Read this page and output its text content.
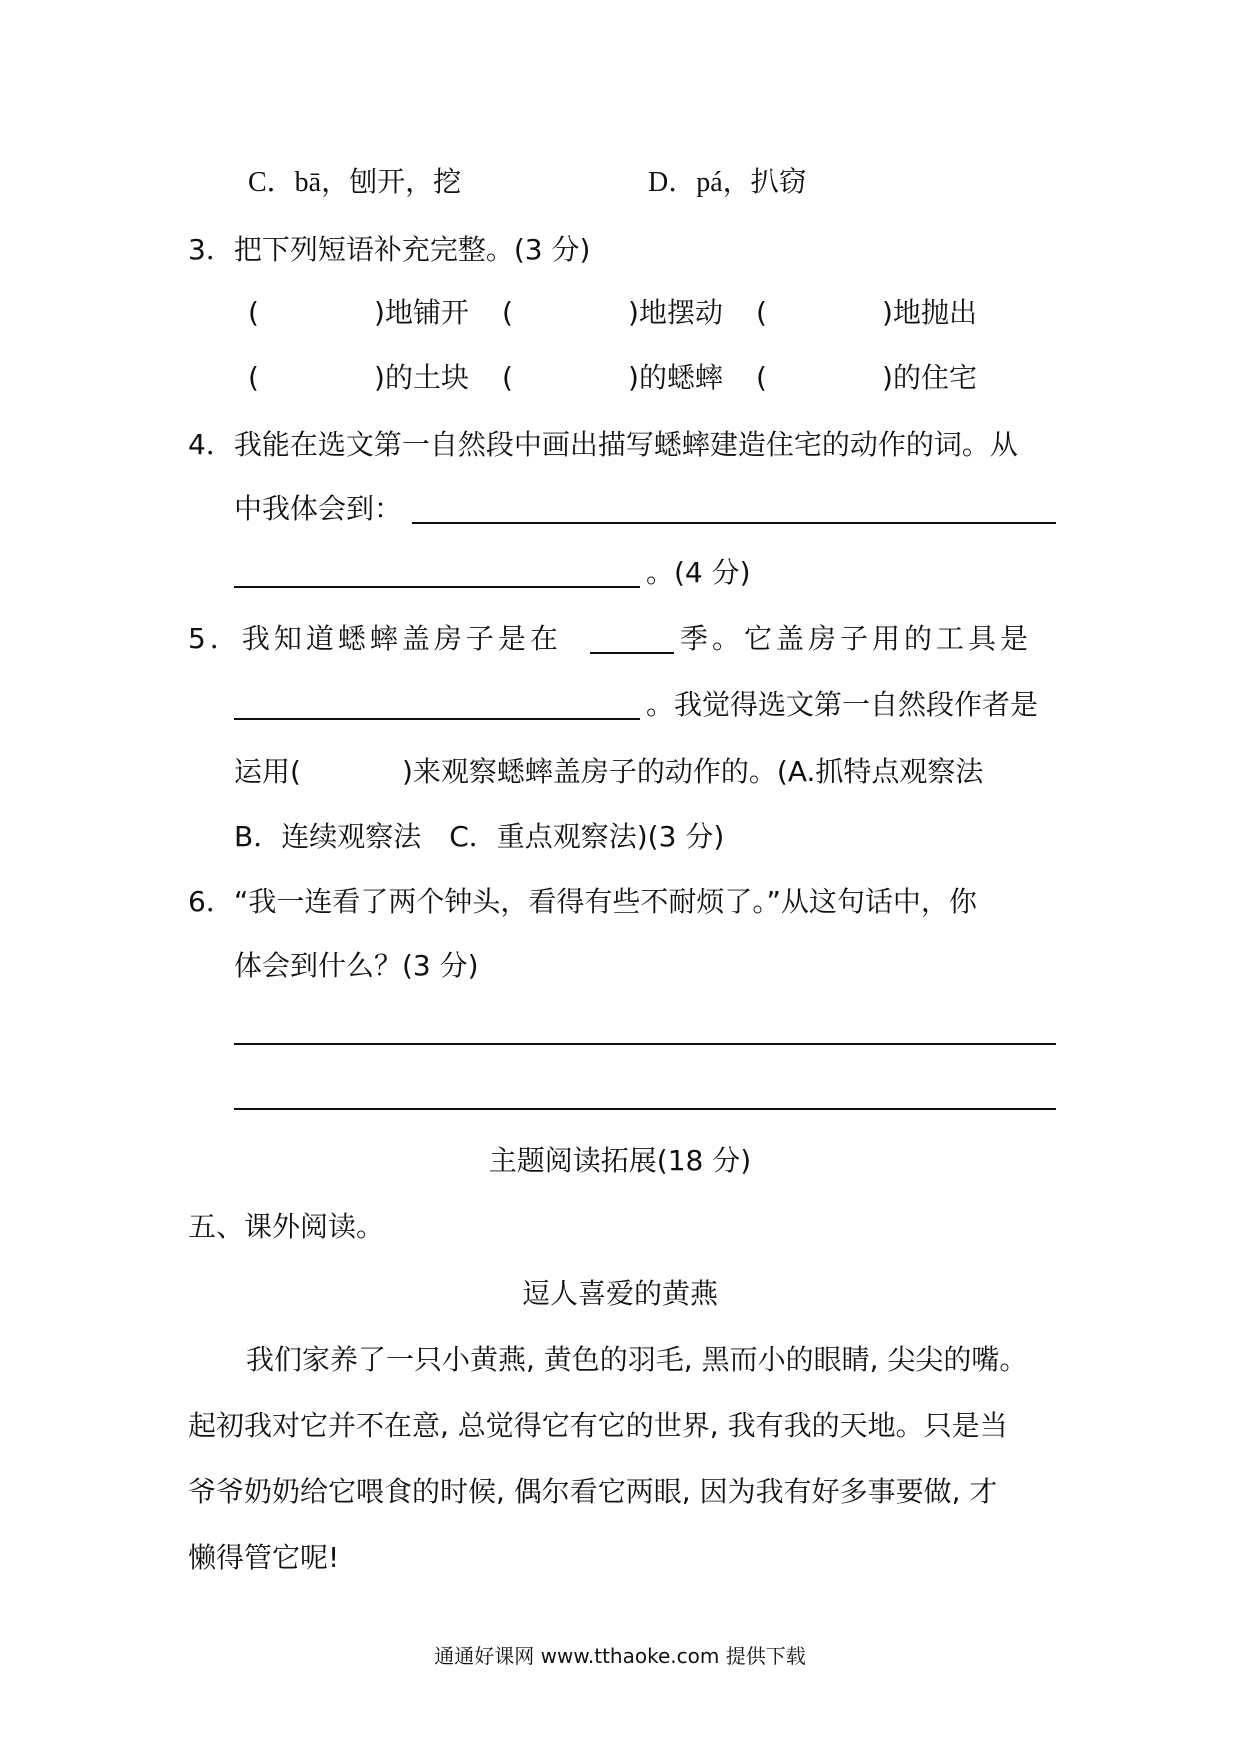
C．bā，刨开，挖	D．pá，扒窃
3．把下列短语补充完整。(3 分)
(	)地铺开 (	)地摆动 (	)地抛出
(	)的土块 (	)的蟋蟀 (	)的住宅
4．我能在选文第一自然段中画出描写蟋蟀建造住宅的动作的词。从
中我体会到：
。(4 分)
5．我知道蟋蟀盖房子是在	季。它盖房子用的工具是
。我觉得选文第一自然段作者是
运用(	)来观察蟋蟀盖房子的动作的。(A.抓特点观察法
B．连续观察法　C．重点观察法)(3 分)
6．“我一连看了两个钟头，看得有些不耐烦了。”从这句话中，你
体会到什么？(3 分)
主题阅读拓展(18 分)
五、课外阅读。
逗人喜爱的黄燕
我们家养了一只小黄燕, 黄色的羽毛, 黑而小的眼睛, 尖尖的嘴。
起初我对它并不在意, 总觉得它有它的世界, 我有我的天地。只是当
爷爷奶奶给它喂食的时候, 偶尔看它两眼, 因为我有好多事要做, 才
懒得管它呢!
通通好课网 www.tthaoke.com 提供下载
